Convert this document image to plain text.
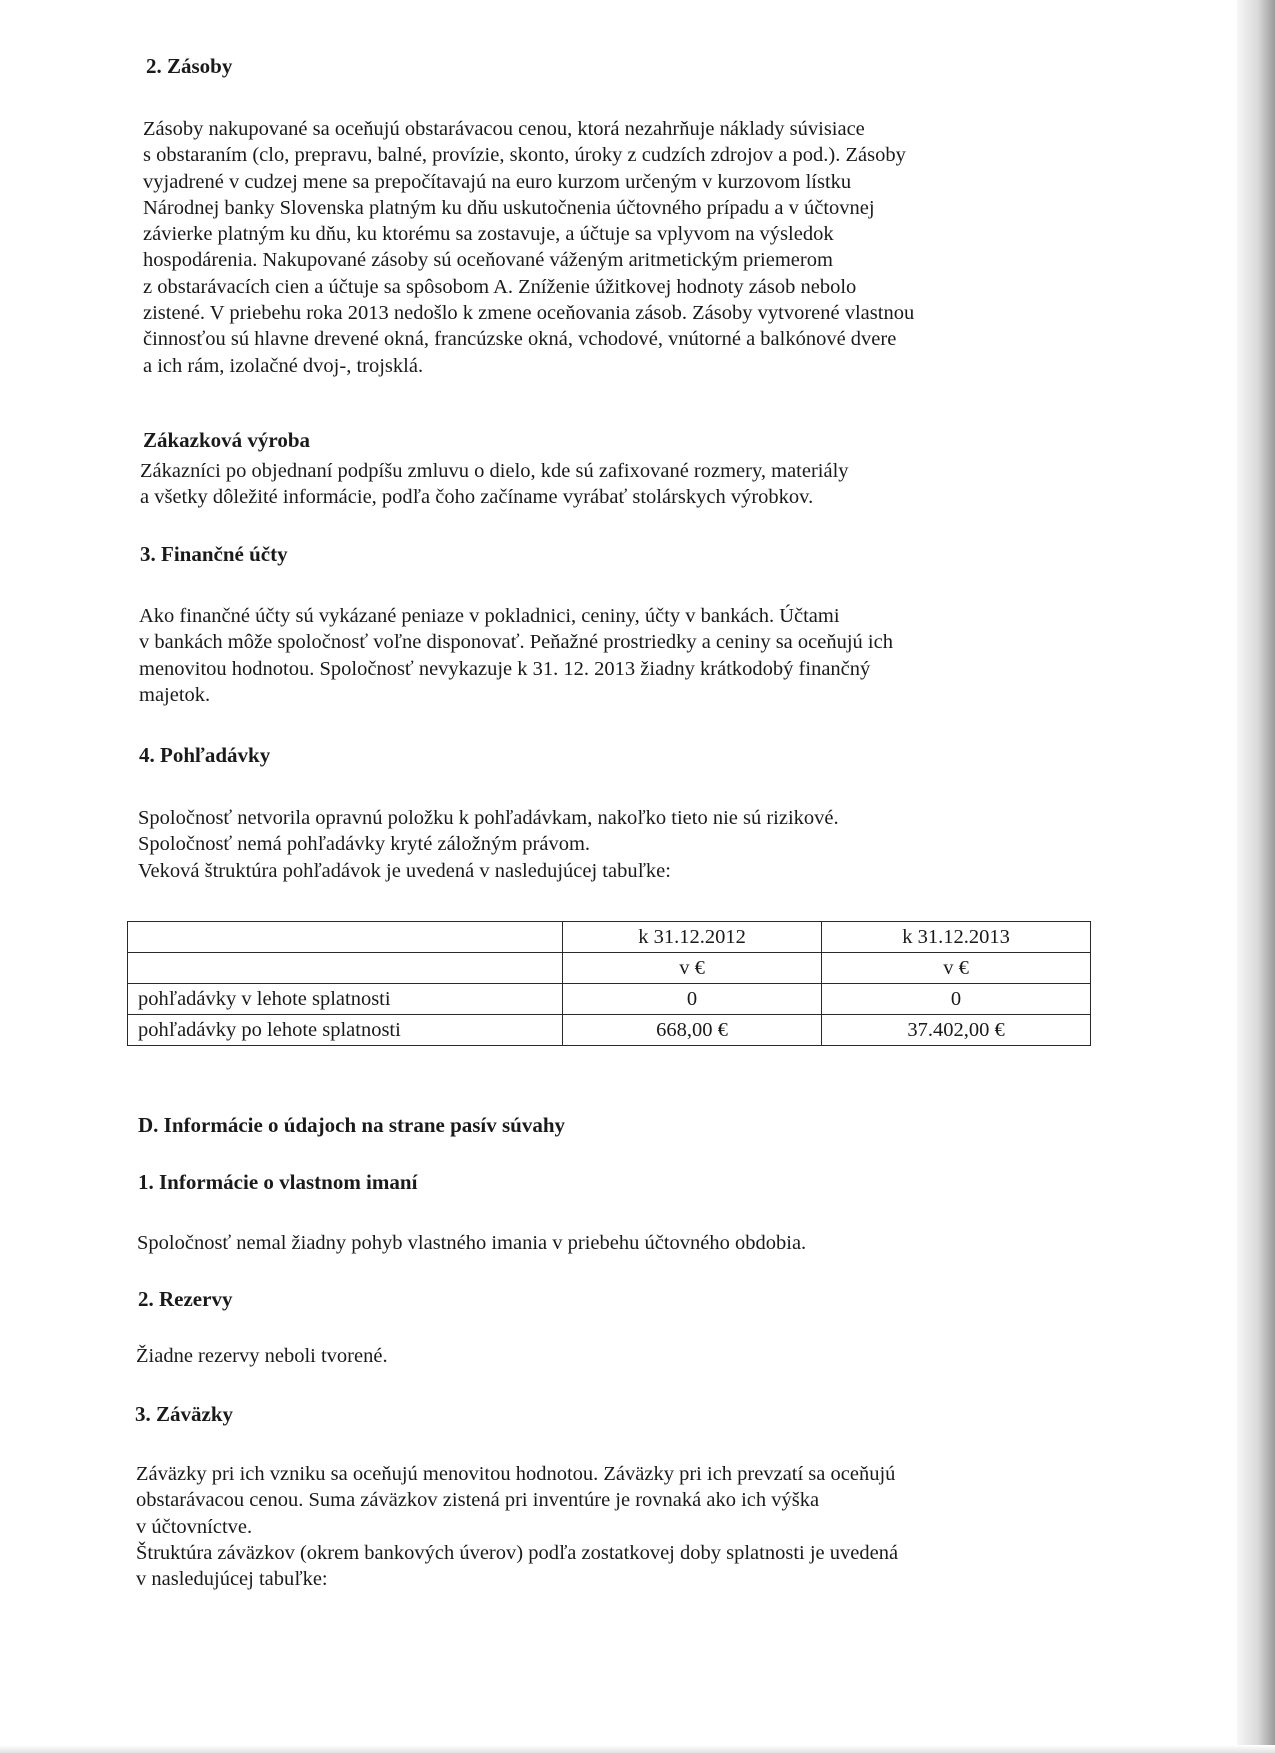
2. Zásoby
Zásoby nakupované sa oceňujú obstarávacou cenou, ktorá nezahrňuje náklady súvisiace
s obstaraním (clo, prepravu, balné, provízie, skonto, úroky z cudzích zdrojov a pod.). Zásoby
vyjadrené v cudzej mene sa prepočítavajú na euro kurzom určeným v kurzovom lístku
Národnej banky Slovenska platným ku dňu uskutočnenia účtovného prípadu a v účtovnej
závierke platným ku dňu, ku ktorému sa zostavuje, a účtuje sa vplyvom na výsledok
hospodárenia. Nakupované zásoby sú oceňované váženým aritmetickým priemerom
z obstarávacích cien a účtuje sa spôsobom A. Zníženie úžitkovej hodnoty zásob nebolo
zistené. V priebehu roka 2013 nedošlo k zmene oceňovania zásob. Zásoby vytvorené vlastnou
činnosťou sú hlavne drevené okná, francúzske okná, vchodové, vnútorné a balkónové dvere
a ich rám, izolačné dvoj-, trojsklá.
Zákazková výroba
Zákazníci po objednaní podpíšu zmluvu o dielo, kde sú zafixované rozmery, materiály
a všetky dôležité informácie, podľa čoho začíname vyrábať stolárskych výrobkov.
3. Finančné účty
Ako finančné účty sú vykázané peniaze v pokladnici, ceniny, účty v bankách. Účtami
v bankách môže spoločnosť voľne disponovať. Peňažné prostriedky a ceniny sa oceňujú ich
menovitou hodnotou. Spoločnosť nevykazuje k 31. 12. 2013 žiadny krátkodobý finančný
majetok.
4. Pohľadávky
Spoločnosť netvorila opravnú položku k pohľadávkam, nakoľko tieto nie sú rizikové.
Spoločnosť nemá pohľadávky kryté záložným právom.
Veková štruktúra pohľadávok je uvedená v nasledujúcej tabuľke:
	k 31.12.2012	k 31.12.2013
	v €	v €
pohľadávky v lehote splatnosti	0	0
pohľadávky po lehote splatnosti	668,00 €	37.402,00 €
D. Informácie o údajoch na strane pasív súvahy
1. Informácie o vlastnom imaní
Spoločnosť nemal žiadny pohyb vlastného imania v priebehu účtovného obdobia.
2. Rezervy
Žiadne rezervy neboli tvorené.
3. Záväzky
Záväzky pri ich vzniku sa oceňujú menovitou hodnotou. Záväzky pri ich prevzatí sa oceňujú
obstarávacou cenou. Suma záväzkov zistená pri inventúre je rovnaká ako ich výška
v účtovníctve.
Štruktúra záväzkov (okrem bankových úverov) podľa zostatkovej doby splatnosti je uvedená
v nasledujúcej tabuľke:
